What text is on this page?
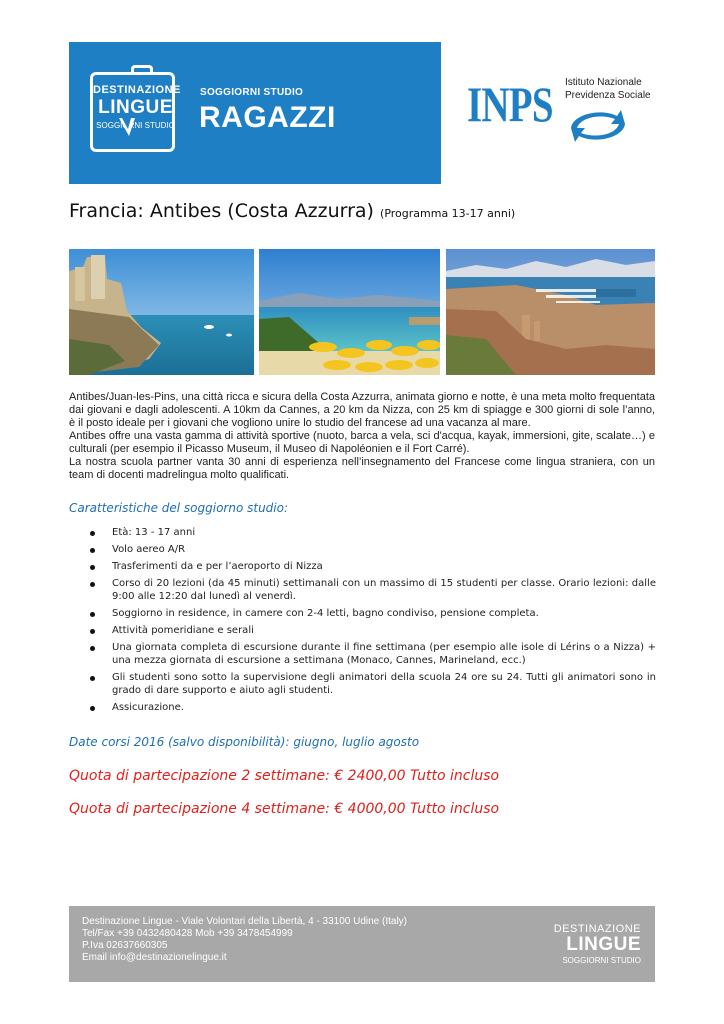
DESTINAZIONE
LINGUE
SOGGIORNI STUDIO
SOGGIORNI STUDIO
RAGAZZI	INPS Istituto Nazionale
Previdenza Sociale
Francia: Antibes (Costa Azzurra) (Programma 13-17 anni)

Antibes/Juan-les-Pins, una città ricca e sicura della Costa Azzurra, animata giorno e notte, è una meta molto frequentata dai giovani e dagli adolescenti. A 10km da Cannes, a 20 km da Nizza, con 25 km di spiagge e 300 giorni di sole l’anno, è il posto ideale per i giovani che vogliono unire lo studio del francese ad una vacanza al mare.

Antibes offre una vasta gamma di attività sportive (nuoto, barca a vela, sci d'acqua, kayak, immersioni, gite, scalate…) e culturali (per esempio il Picasso Museum, il Museo di Napoléonien e il Fort Carré).

La nostra scuola partner vanta 30 anni di esperienza nell’insegnamento del Francese come lingua straniera, con un team di docenti madrelingua molto qualificati.

Caratteristiche del soggiorno studio:
Età: 13 - 17 anni
Volo aereo A/R
Trasferimenti da e per l’aeroporto di Nizza
Corso di 20 lezioni (da 45 minuti) settimanali con un massimo di 15 studenti per classe. Orario lezioni: dalle 9:00 alle 12:20 dal lunedì al venerdì.
Soggiorno in residence, in camere con 2-4 letti, bagno condiviso, pensione completa.
Attività pomeridiane e serali
Una giornata completa di escursione durante il fine settimana (per esempio alle isole di Lérins o a Nizza) + una mezza giornata di escursione a settimana (Monaco, Cannes, Marineland, ecc.)
Gli studenti sono sotto la supervisione degli animatori della scuola 24 ore su 24. Tutti gli animatori sono in grado di dare supporto e aiuto agli studenti.
Assicurazione.
Date corsi 2016 (salvo disponibilità): giugno, luglio agosto
Quota di partecipazione 2 settimane: € 2400,00 Tutto incluso
Quota di partecipazione 4 settimane: € 4000,00 Tutto incluso
Destinazione Lingue - Viale Volontari della Libertà, 4 - 33100 Udine (Italy)
Tel/Fax +39 0432480428 Mob +39 3478454999
P.Iva 02637660305
Email info@destinazionelingue.it
DESTINAZIONE
LINGUE
SOGGIORNI STUDIO
